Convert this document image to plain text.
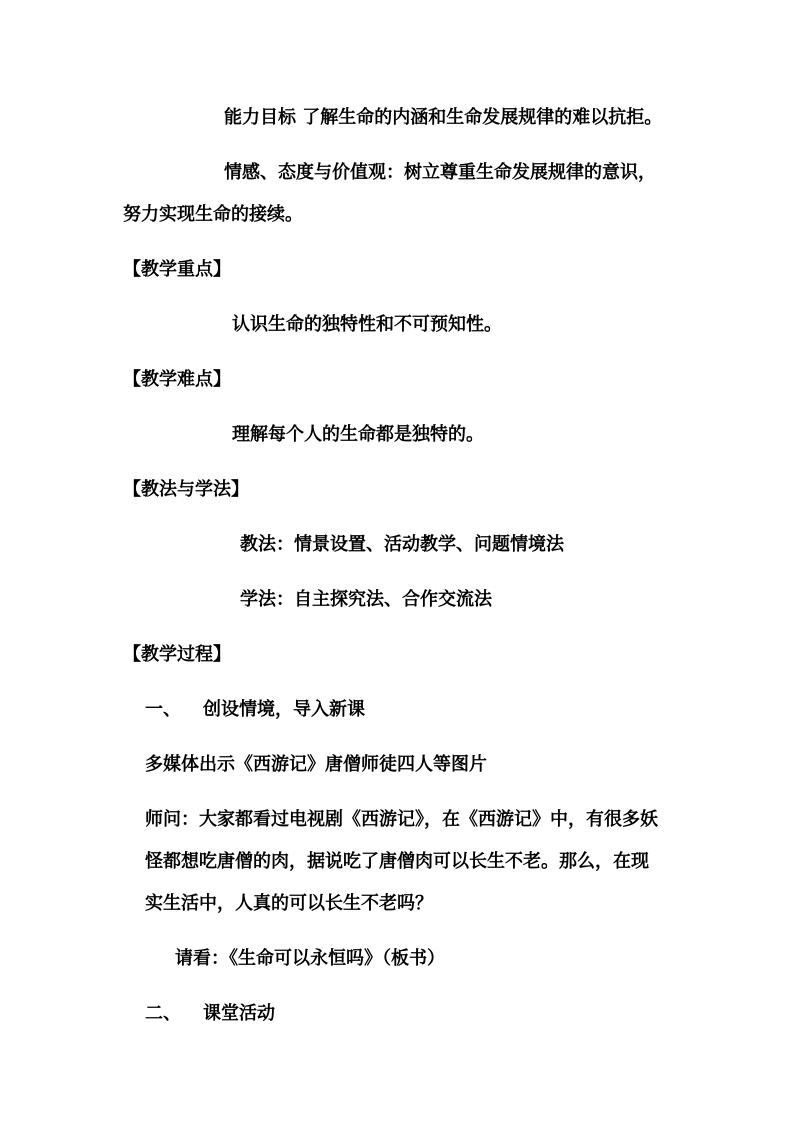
能力目标 了解生命的内涵和生命发展规律的难以抗拒。
情感、态度与价值观：树立尊重生命发展规律的意识，
努力实现生命的接续。
【教学重点】
认识生命的独特性和不可预知性。
【教学难点】
理解每个人的生命都是独特的。
【教法与学法】
教法：情景设置、活动教学、问题情境法
学法：自主探究法、合作交流法
【教学过程】
一、 创设情境，导入新课
多媒体出示《西游记》唐僧师徒四人等图片
师问：大家都看过电视剧《西游记》，在《西游记》中，有很多妖
怪都想吃唐僧的肉，据说吃了唐僧肉可以长生不老。那么，在现
实生活中，人真的可以长生不老吗？
请看：《生命可以永恒吗》（板书）
二、 课堂活动
